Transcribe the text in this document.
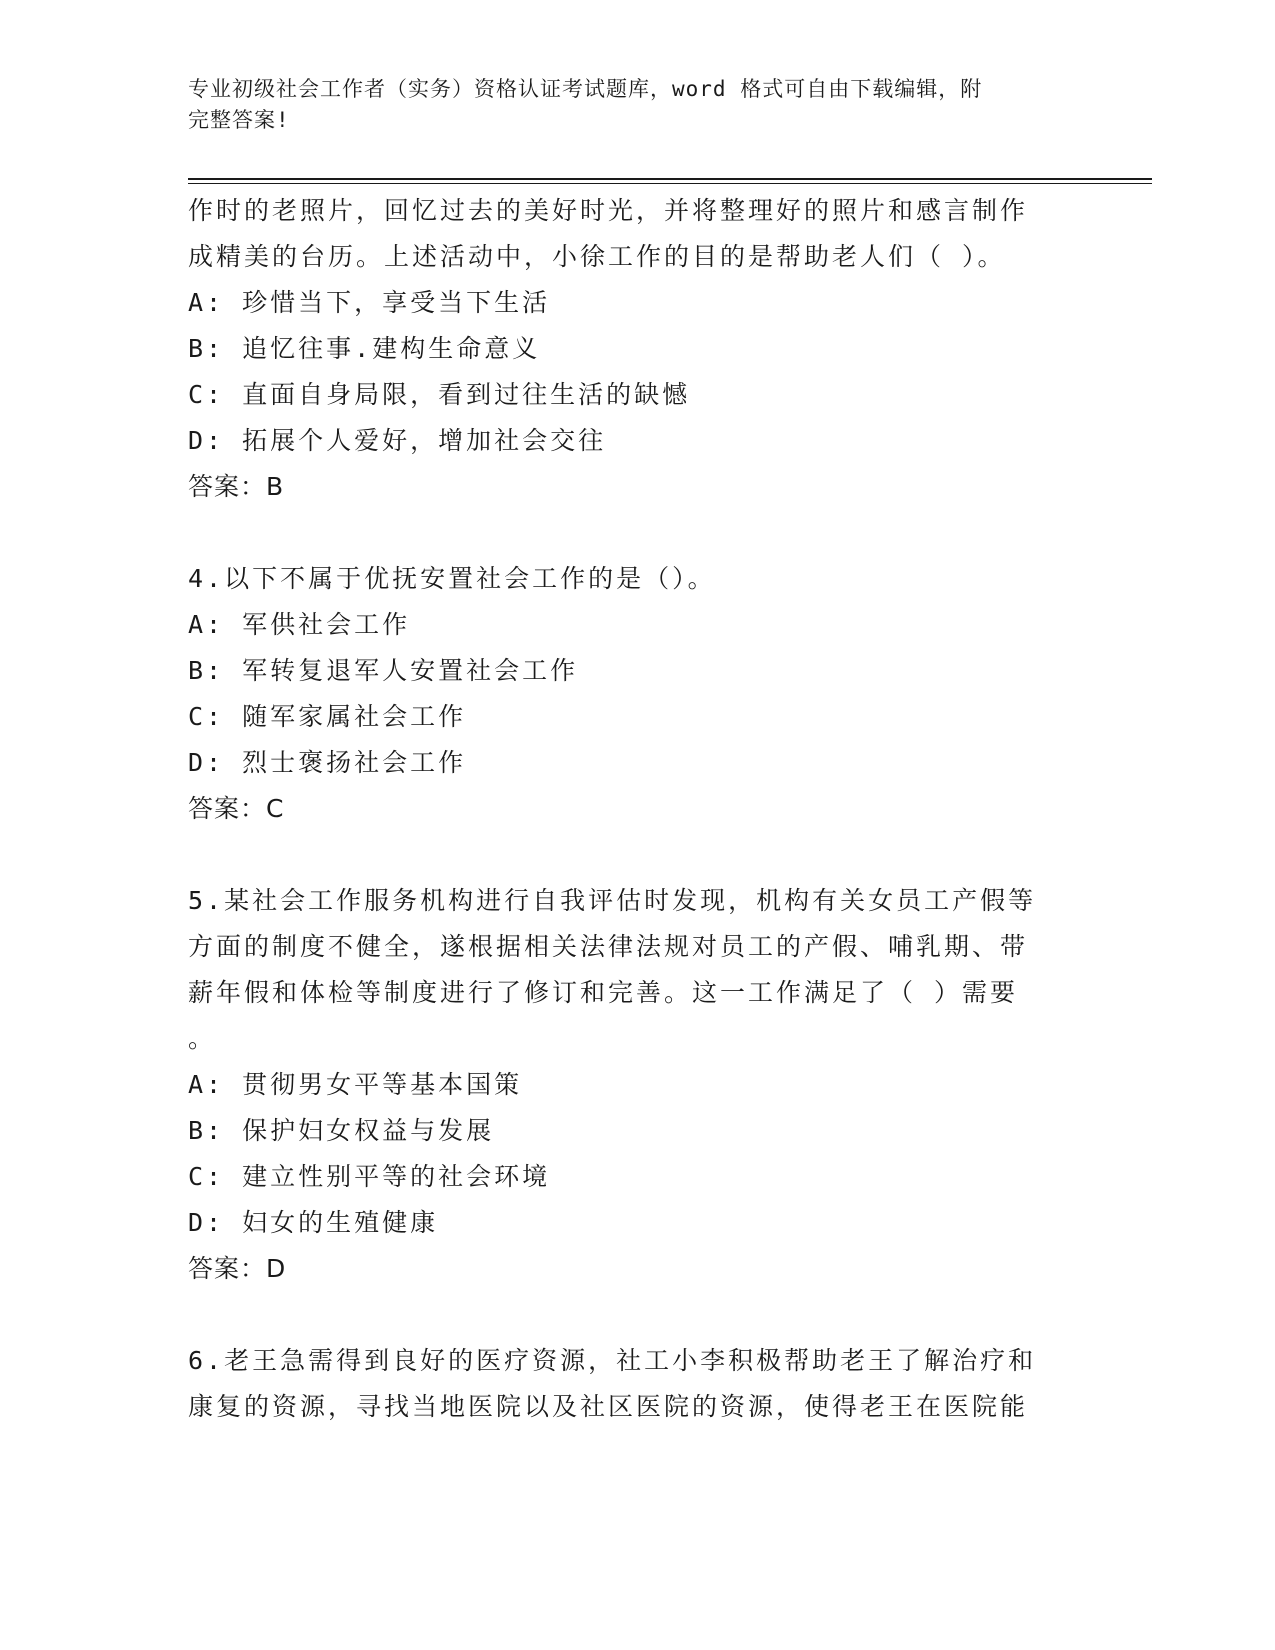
专业初级社会工作者（实务）资格认证考试题库，word 格式可自由下载编辑，附
完整答案!
作时的老照片，回忆过去的美好时光，并将整理好的照片和感言制作
成精美的台历。上述活动中，小徐工作的目的是帮助老人们（ ）。
A: 珍惜当下，享受当下生活
B: 追忆往事.建构生命意义
C: 直面自身局限，看到过往生活的缺憾
D: 拓展个人爱好，增加社会交往
答案：B
4.以下不属于优抚安置社会工作的是（）。
A: 军供社会工作
B: 军转复退军人安置社会工作
C: 随军家属社会工作
D: 烈士褒扬社会工作
答案：C
5.某社会工作服务机构进行自我评估时发现，机构有关女员工产假等
方面的制度不健全，遂根据相关法律法规对员工的产假、哺乳期、带
薪年假和体检等制度进行了修订和完善。这一工作满足了（ ）需要
。
A: 贯彻男女平等基本国策
B: 保护妇女权益与发展
C: 建立性别平等的社会环境
D: 妇女的生殖健康
答案：D
6.老王急需得到良好的医疗资源，社工小李积极帮助老王了解治疗和
康复的资源，寻找当地医院以及社区医院的资源，使得老王在医院能
